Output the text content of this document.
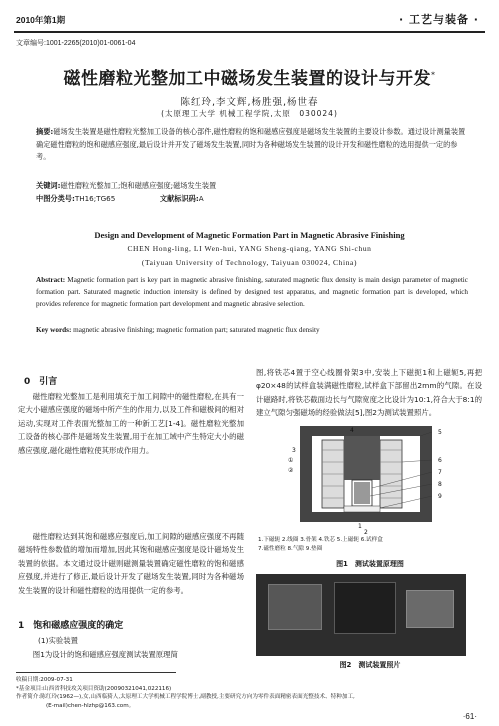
2010年第1期	· 工艺与装备 ·
文章编号:1001-2265(2010)01-0061-04
磁性磨粒光整加工中磁场发生装置的设计与开发*
陈红玲,李文辉,杨胜强,杨世春
(太原理工大学 机械工程学院,太原　030024)
摘要:磁场发生装置是磁性磨粒光整加工设备的核心部件,磁性磨粒的饱和磁感应强度是磁场发生装置的主要设计参数。通过设计测量装置确定磁性磨粒的饱和磁感应强度,最后设计并开发了磁场发生装置,同时为各种磁场发生装置的设计开发和磁性磨粒的选用提供一定的参考。
关键词:磁性磨粒光整加工;饱和磁感应强度;磁场发生装置
中图分类号:TH16;TG65	文献标识码:A
Design and Development of Magnetic Formation Part in Magnetic Abrasive Finishing
CHEN Hong-ling, LI Wen-hui, YANG Sheng-qiang, YANG Shi-chun
(Taiyuan University of Technology, Taiyuan 030024, China)
Abstract: Magnetic formation part is key part in magnetic abrasive finishing, saturated magnetic flux density is main design parameter of magnetic formation part. Saturated magnetic induction intensity is defined by designed test apparatus, and magnetic formation part is developed, which provides reference for magnetic formation part development and magnetic abrasive selection.
Key words: magnetic abrasive finishing; magnetic formation part; saturated magnetic flux density
0　引言
磁性磨粒光整加工是利用填充于加工间隙中的磁性磨粒,在具有一定大小磁感应强度的磁场中所产生的作用力,以及工件和磁极间的相对运动,实现对工件表面光整加工的一种新工艺[1-4]。磁性磨粒光整加工设备的核心部件是磁场发生装置,用于在加工域中产生特定大小的磁感应强度,磁化磁性磨粒使其形成作用力。
磁性磨粒达到其饱和磁感应强度后,加工间隙的磁感应强度不再随磁场特性参数值的增加而增加,因此其饱和磁感应强度是设计磁场发生装置的依据。本文通过设计磁则磁测量装置确定磁性磨粒的饱和磁感应强度,并进行了修正,最后设计开发了磁场发生装置,同时为各种磁场发生装置的设计和磁性磨粒的选用提供一定的参考。
1　饱和磁感应强度的确定
(1)实验装置
图1为设计的饱和磁感应强度测试装置原理简
图,将铁芯4置于空心线圈骨架3中,安装上下磁扼1和上磁轭5,再把φ20×48的试样盒装满磁性磨粒,试样盒下部留出2mm的气隙。在设计磁路时,将铁芯截面边长与气隙宽度之比设计为10:1,符合大于8:1的建立气隙匀强磁场的经验做法[5],图2为测试装置照片。
1
2
3
4	5
6
7
8
9
①
②
1.下磁轭 2.线圈 3.骨架 4.铁芯 5.上磁轭 6.试样盒
7.磁性磨粒 8.气隙 9.垫圈
图1　测试装置原理图
图2　测试装置照片
收稿日期:2009-07-31
*基金项目:山西省科技攻关项目资助(20090321041,022116)
作者简介:陈红玲(1962—),女,山西临猗人,太原理工大学机械工程学院博士,副教授,主要研究方向为零件表面精密表面光整技术、特种加工,
(E-mail)chen-hlzhp@163.com。
·61·
